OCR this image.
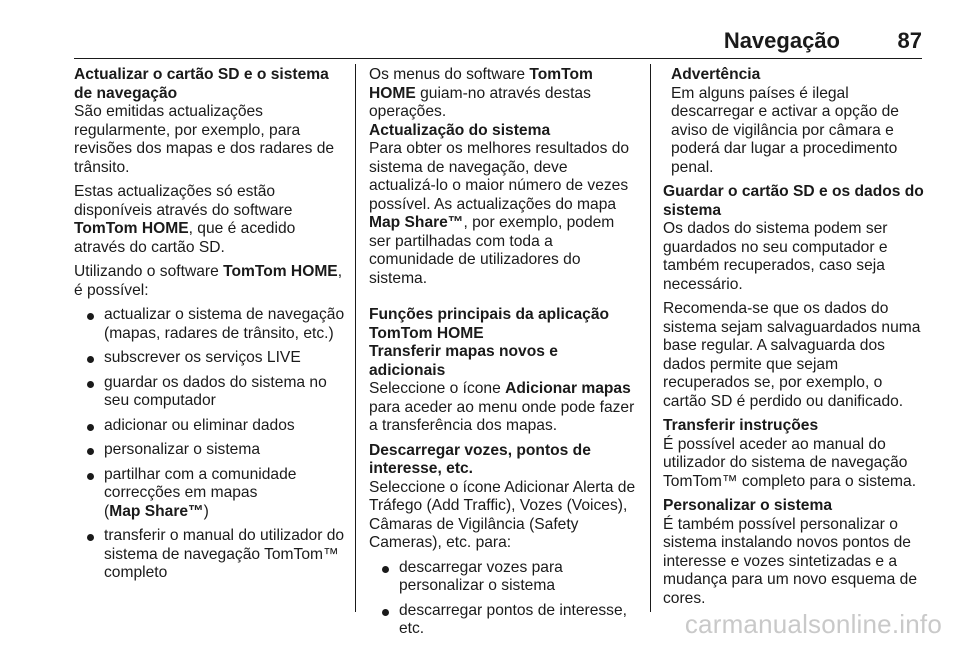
Navegação	87
Actualizar o cartão SD e o sistema de navegação

São emitidas actualizações regularmente, por exemplo, para revisões dos mapas e dos radares de trânsito.

Estas actualizações só estão disponíveis através do software TomTom HOME, que é acedido através do cartão SD.

Utilizando o software TomTom HOME, é possível:

actualizar o sistema de navegação (mapas, radares de trânsito, etc.)
subscrever os serviços LIVE
guardar os dados do sistema no seu computador
adicionar ou eliminar dados
personalizar o sistema
partilhar com a comunidade correcções em mapas
(Map Share™)
transferir o manual do utilizador do sistema de navegação TomTom™ completo

Os menus do software TomTom HOME guiam-no através destas operações.

Actualização do sistema

Para obter os melhores resultados do sistema de navegação, deve actualizá-lo o maior número de vezes possível. As actualizações do mapa Map Share™, por exemplo, podem ser partilhadas com toda a comunidade de utilizadores do sistema.

Funções principais da aplicação TomTom HOME
Transferir mapas novos e adicionais

Seleccione o ícone Adicionar mapas para aceder ao menu onde pode fazer a transferência dos mapas.

Descarregar vozes, pontos de interesse, etc.

Seleccione o ícone Adicionar Alerta de Tráfego (Add Traffic), Vozes (Voices), Câmaras de Vigilância (Safety Cameras), etc. para:

descarregar vozes para personalizar o sistema
descarregar pontos de interesse, etc.
Advertência
Em alguns países é ilegal descarregar e activar a opção de aviso de vigilância por câmara e poderá dar lugar a procedimento penal.
Guardar o cartão SD e os dados do sistema

Os dados do sistema podem ser guardados no seu computador e também recuperados, caso seja necessário.

Recomenda-se que os dados do sistema sejam salvaguardados numa base regular. A salvaguarda dos dados permite que sejam recuperados se, por exemplo, o cartão SD é perdido ou danificado.

Transferir instruções

É possível aceder ao manual do utilizador do sistema de navegação TomTom™ completo para o sistema.

Personalizar o sistema

É também possível personalizar o sistema instalando novos pontos de interesse e vozes sintetizadas e a mudança para um novo esquema de cores.

carmanualsonline.info
